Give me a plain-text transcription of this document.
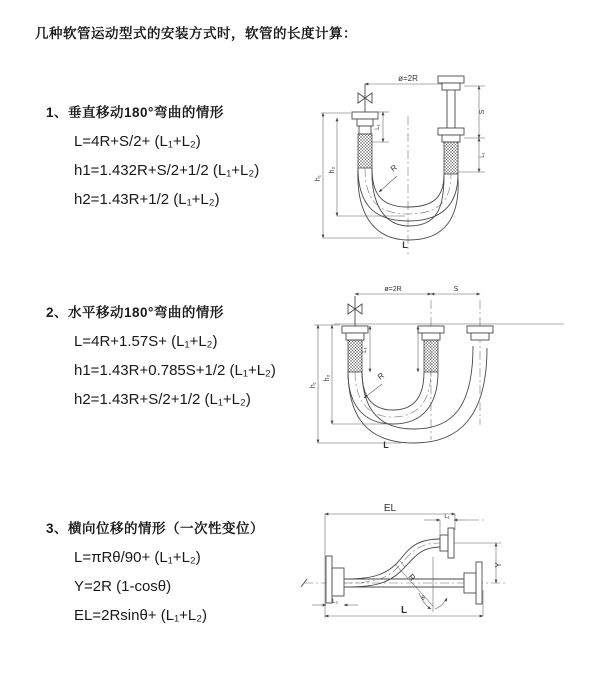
几种软管运动型式的安装方式时，软管的长度计算：
1、垂直移动180°弯曲的情形

L=4R+S/2+ (L₁+L₂)

h1=1.432R+S/2+1/2 (L₁+L₂)

h2=1.43R+1/2 (L₁+L₂)

2、水平移动180°弯曲的情形

L=4R+1.57S+ (L₁+L₂)

h1=1.43R+0.785S+1/2 (L₁+L₂)

h2=1.43R+S/2+1/2 (L₁+L₂)

3、横向位移的情形（一次性变位）

L=πRθ/90+ (L₁+L₂)

Y=2R (1-cosθ)

EL=2Rsinθ+ (L₁+L₂)

ø=2R
h₁
h₂
L₁
S
L₁
R
L
ø=2R	S
h₁
h₂
L₁
R
L
EL
L
L₂
L₁
Y
θ
R
